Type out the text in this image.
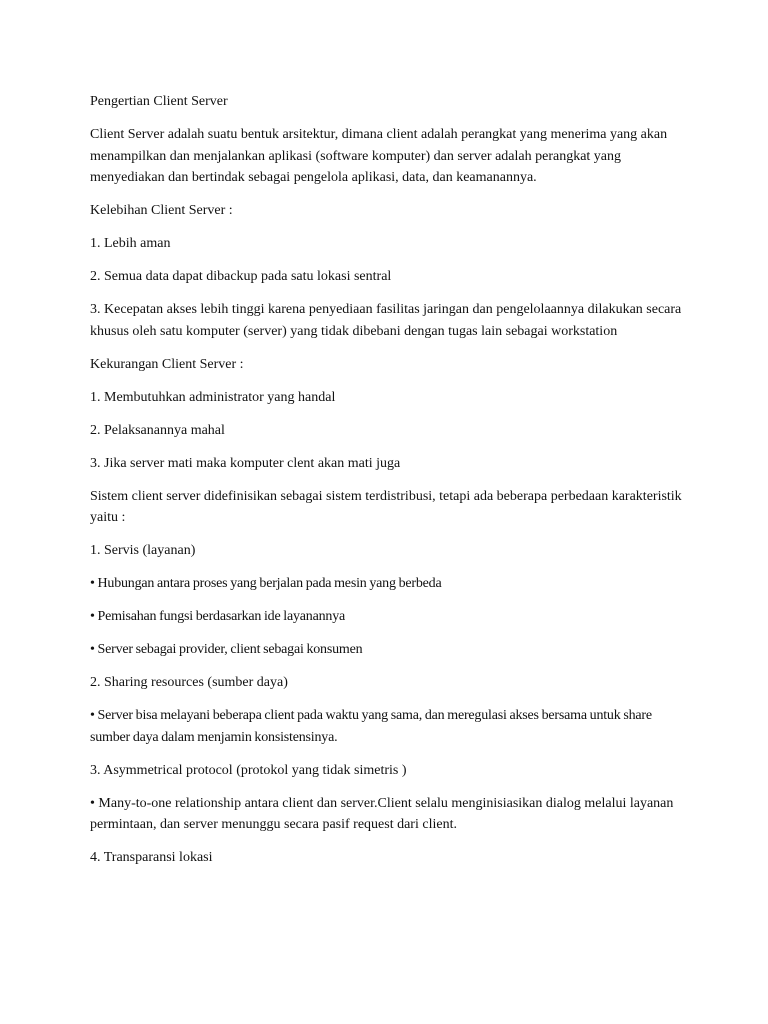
Pengertian Client Server

Client Server adalah suatu bentuk arsitektur, dimana client adalah perangkat yang menerima yang akan menampilkan dan menjalankan aplikasi (software komputer) dan server adalah perangkat yang menyediakan dan bertindak sebagai pengelola aplikasi, data, dan keamanannya.

Kelebihan Client Server :

1. Lebih aman

2. Semua data dapat dibackup pada satu lokasi sentral

3. Kecepatan akses lebih tinggi karena penyediaan fasilitas jaringan dan pengelolaannya dilakukan secara khusus oleh satu komputer (server) yang tidak dibebani dengan tugas lain sebagai workstation

Kekurangan Client Server :

1. Membutuhkan administrator yang handal

2. Pelaksanannya mahal

3. Jika server mati maka komputer clent akan mati juga

Sistem client server didefinisikan sebagai sistem terdistribusi, tetapi ada beberapa perbedaan karakteristik yaitu :

1. Servis (layanan)

• Hubungan antara proses yang berjalan pada mesin yang berbeda

• Pemisahan fungsi berdasarkan ide layanannya

• Server sebagai provider, client sebagai konsumen

2. Sharing resources (sumber daya)

• Server bisa melayani beberapa client pada waktu yang sama, dan meregulasi akses bersama untuk share sumber daya dalam menjamin konsistensinya.

3. Asymmetrical protocol (protokol yang tidak simetris )

• Many-to-one relationship antara client dan server.Client selalu menginisiasikan dialog melalui layanan permintaan, dan server menunggu secara pasif request dari client.

4. Transparansi lokasi
